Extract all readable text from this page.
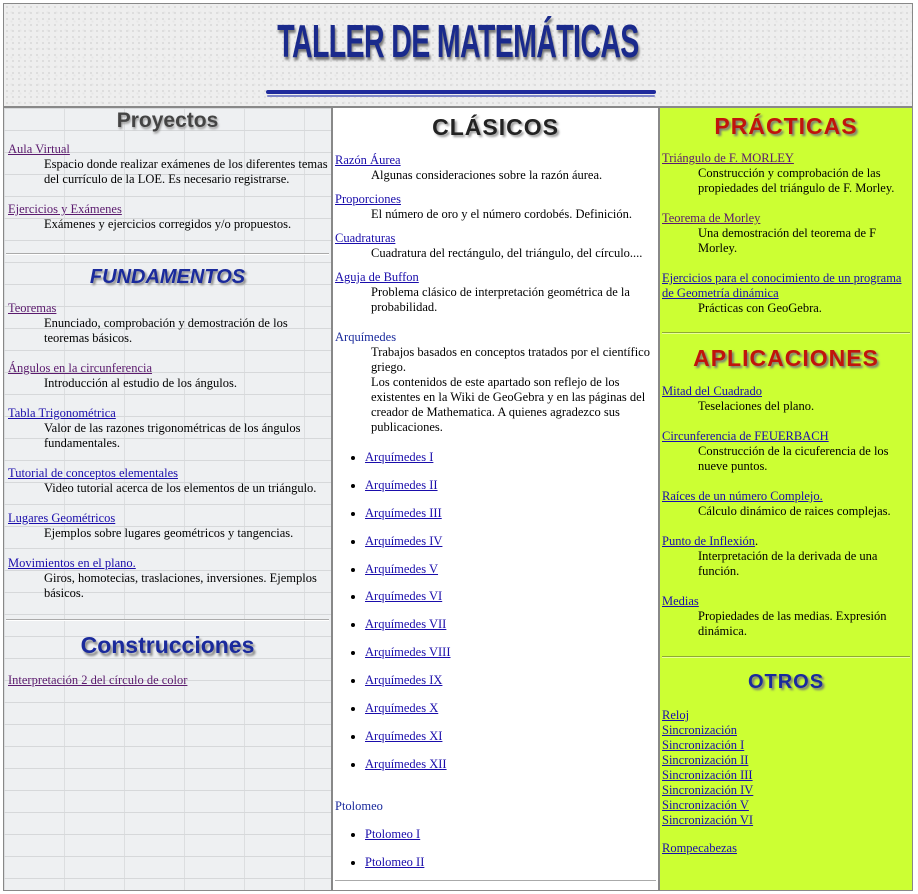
TALLER DE MATEMÁTICAS
Proyectos
Aula Virtual
Espacio donde realizar exámenes de los diferentes temas del currículo de la LOE. Es necesario registrarse.
Ejercicios y Exámenes
Exámenes y ejercicios corregidos y/o propuestos.
FUNDAMENTOS
Teoremas
Enunciado, comprobación y demostración de los teoremas básicos.
Ángulos en la circunferencia
Introducción al estudio de los ángulos.
Tabla Trigonométrica
Valor de las razones trigonométricas de los ángulos fundamentales.
Tutorial de conceptos elementales
Video tutorial acerca de los elementos de un triángulo.
Lugares Geométricos
Ejemplos sobre lugares geométricos y tangencias.
Movimientos en el plano.
Giros, homotecias, traslaciones, inversiones. Ejemplos básicos.
Construcciones
Interpretación 2 del círculo de color
CLÁSICOS
Razón Áurea
Algunas consideraciones sobre la razón áurea.
Proporciones
El número de oro y el número cordobés. Definición.
Cuadraturas
Cuadratura del rectángulo, del triángulo, del círculo....
Aguja de Buffon
Problema clásico de interpretación geométrica de la probabilidad.
Arquímedes
Trabajos basados en conceptos tratados por el científico griego.
Los contenidos de este apartado son reflejo de los existentes en la Wiki de GeoGebra y en las páginas del creador de Mathematica. A quienes agradezco sus publicaciones.
• Arquímedes I
• Arquímedes II
• Arquímedes III
• Arquímedes IV
• Arquímedes V
• Arquímedes VI
• Arquímedes VII
• Arquímedes VIII
• Arquímedes IX
• Arquímedes X
• Arquímedes XI
• Arquímedes XII
Ptolomeo
• Ptolomeo I
• Ptolomeo II
PRÁCTICAS
Triángulo de F. MORLEY
Construcción y comprobación de las propiedades del triángulo de F. Morley.
Teorema de Morley
Una demostración del teorema de F Morley.
Ejercicios para el conocimiento de un programa de Geometría dinámica
Prácticas con GeoGebra.
APLICACIONES
Mitad del Cuadrado
Teselaciones del plano.
Circunferencia de FEUERBACH
Construcción de la cicuferencia de los nueve puntos.
Raíces de un número Complejo.
Cálculo dinámico de raices complejas.
Punto de Inflexión.
Interpretación de la derivada de una función.
Medias
Propiedades de las medias. Expresión dinámica.
OTROS
Reloj
Sincronización
Sincronización I
Sincronización II
Sincronización III
Sincronización IV
Sincronización V
Sincronización VI
Rompecabezas
